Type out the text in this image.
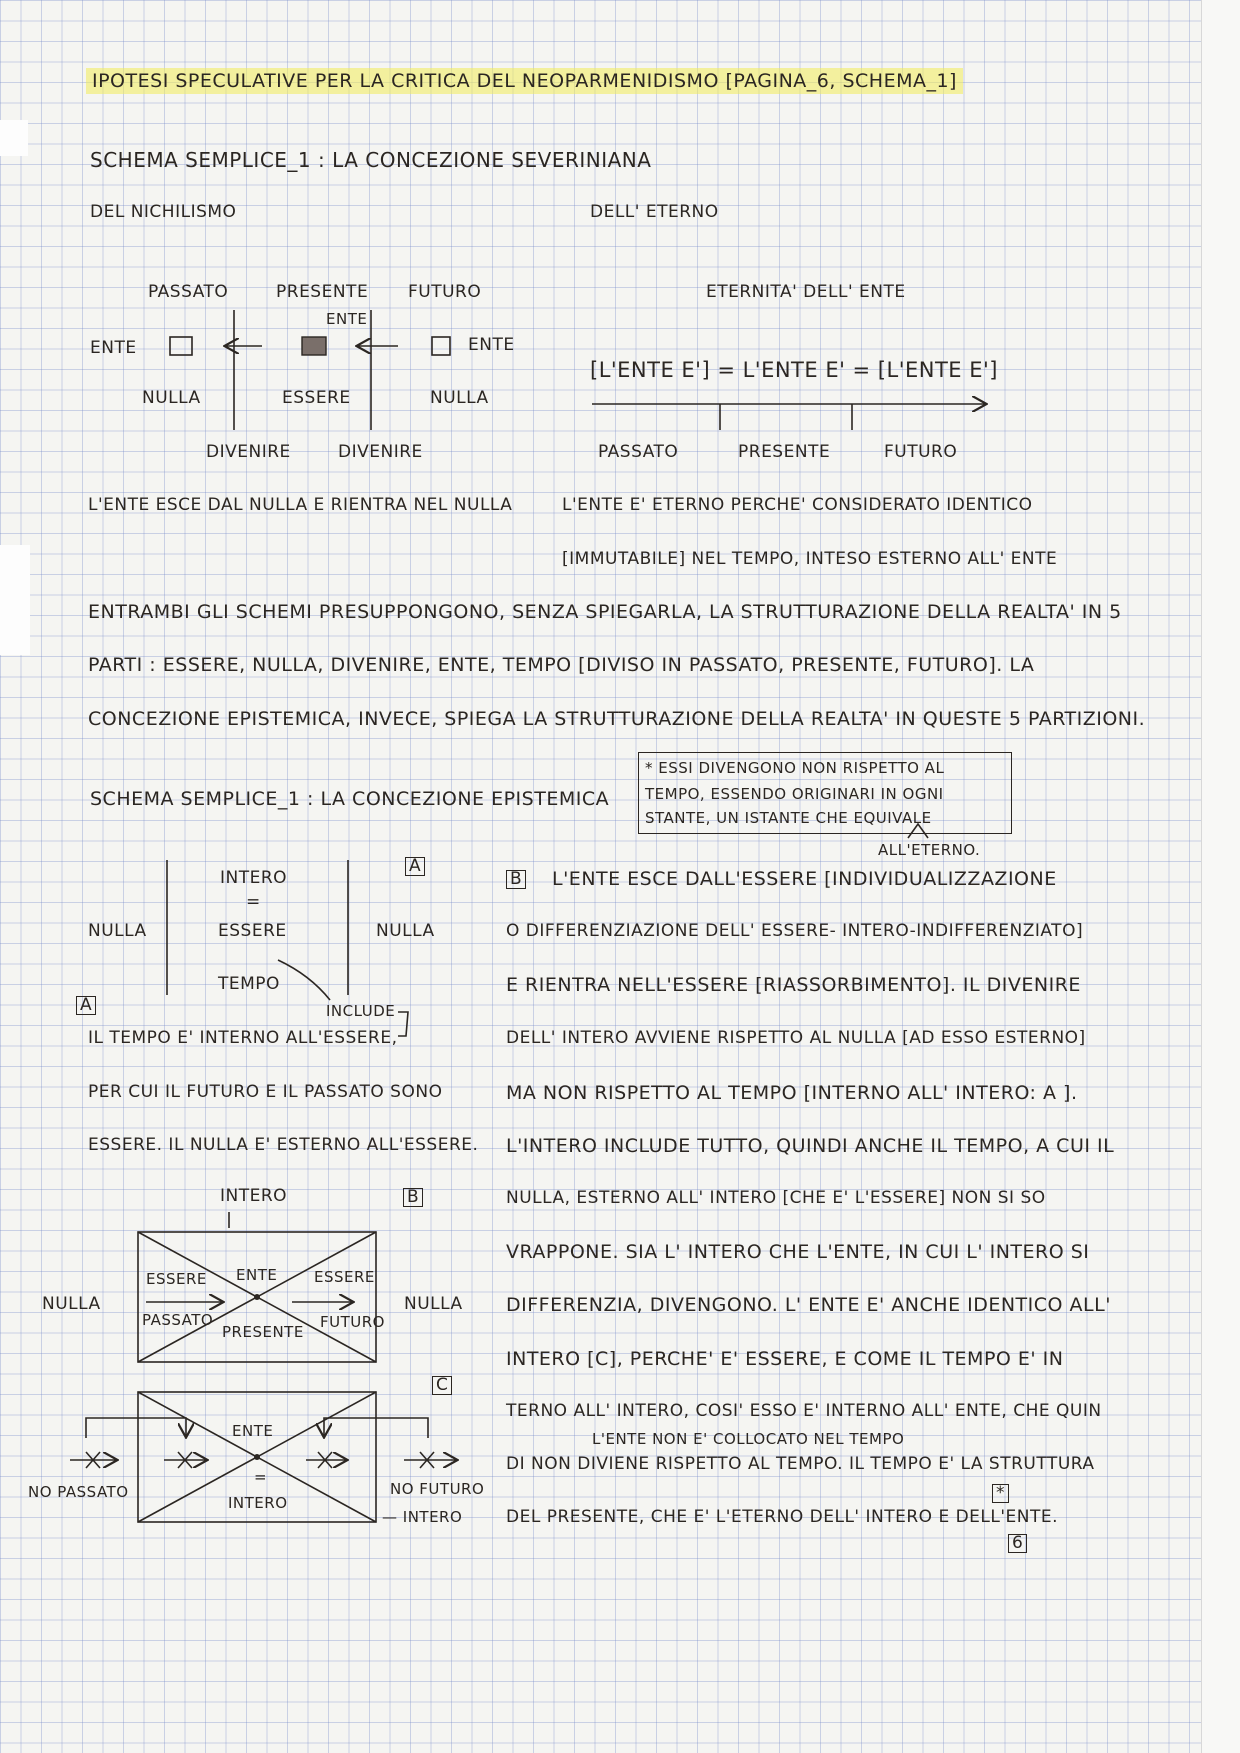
IPOTESI SPECULATIVE PER LA CRITICA DEL NEOPARMENIDISMO [PAGINA_6, SCHEMA_1]
SCHEMA SEMPLICE_1 : LA CONCEZIONE SEVERINIANA
DEL NICHILISMO	DELL' ETERNO
PASSATO	PRESENTE FUTURO
ENTE
ENTE	ENTE
NULLA	ESSERE	NULLA
DIVENIRE	DIVENIRE
L'ENTE ESCE DAL NULLA E RIENTRA NEL NULLA
ETERNITA' DELL' ENTE
[L'ENTE E'] = L'ENTE E' = [L'ENTE E']
PASSATO	PRESENTE	FUTURO
L'ENTE E' ETERNO PERCHE' CONSIDERATO IDENTICO
[IMMUTABILE] NEL TEMPO, INTESO ESTERNO ALL' ENTE
ENTRAMBI GLI SCHEMI PRESUPPONGONO, SENZA SPIEGARLA, LA STRUTTURAZIONE DELLA REALTA' IN 5
PARTI : ESSERE, NULLA, DIVENIRE, ENTE, TEMPO [DIVISO IN PASSATO, PRESENTE, FUTURO]. LA
CONCEZIONE EPISTEMICA, INVECE, SPIEGA LA STRUTTURAZIONE DELLA REALTA' IN QUESTE 5 PARTIZIONI.
SCHEMA SEMPLICE_1 : LA CONCEZIONE EPISTEMICA
* ESSI DIVENGONO NON RISPETTO AL
TEMPO, ESSENDO ORIGINARI IN OGNI
STANTE, UN ISTANTE CHE EQUIVALE
ALL'ETERNO.
A
INTERO
=
NULLA	ESSERE	NULLA
TEMPO
INCLUDE
A
IL TEMPO E' INTERNO ALL'ESSERE,
PER CUI IL FUTURO E IL PASSATO SONO
ESSERE. IL NULLA E' ESTERNO ALL'ESSERE.
INTERO	B
NULLA	NULLA
ESSERE ENTE ESSERE
PASSATO
PRESENTE
FUTURO
C
ENTE
=
INTERO
NO PASSATO	NO FUTURO
— INTERO
B L'ENTE ESCE DALL'ESSERE [INDIVIDUALIZZAZIONE
O DIFFERENZIAZIONE DELL' ESSERE- INTERO-INDIFFERENZIATO]
E RIENTRA NELL'ESSERE [RIASSORBIMENTO]. IL DIVENIRE
DELL' INTERO AVVIENE RISPETTO AL NULLA [AD ESSO ESTERNO]
MA NON RISPETTO AL TEMPO [INTERNO ALL' INTERO: A ].
L'INTERO INCLUDE TUTTO, QUINDI ANCHE IL TEMPO, A CUI IL
NULLA, ESTERNO ALL' INTERO [CHE E' L'ESSERE] NON SI SO
VRAPPONE. SIA L' INTERO CHE L'ENTE, IN CUI L' INTERO SI
DIFFERENZIA, DIVENGONO. L' ENTE E' ANCHE IDENTICO ALL'
INTERO [C], PERCHE' E' ESSERE, E COME IL TEMPO E' IN
TERNO ALL' INTERO, COSI' ESSO E' INTERNO ALL' ENTE, CHE QUIN
L'ENTE NON E' COLLOCATO NEL TEMPO
DI NON DIVIENE RISPETTO AL TEMPO. IL TEMPO E' LA STRUTTURA
DEL PRESENTE, CHE E' L'ETERNO DELL' INTERO E DELL'ENTE.
*
6
